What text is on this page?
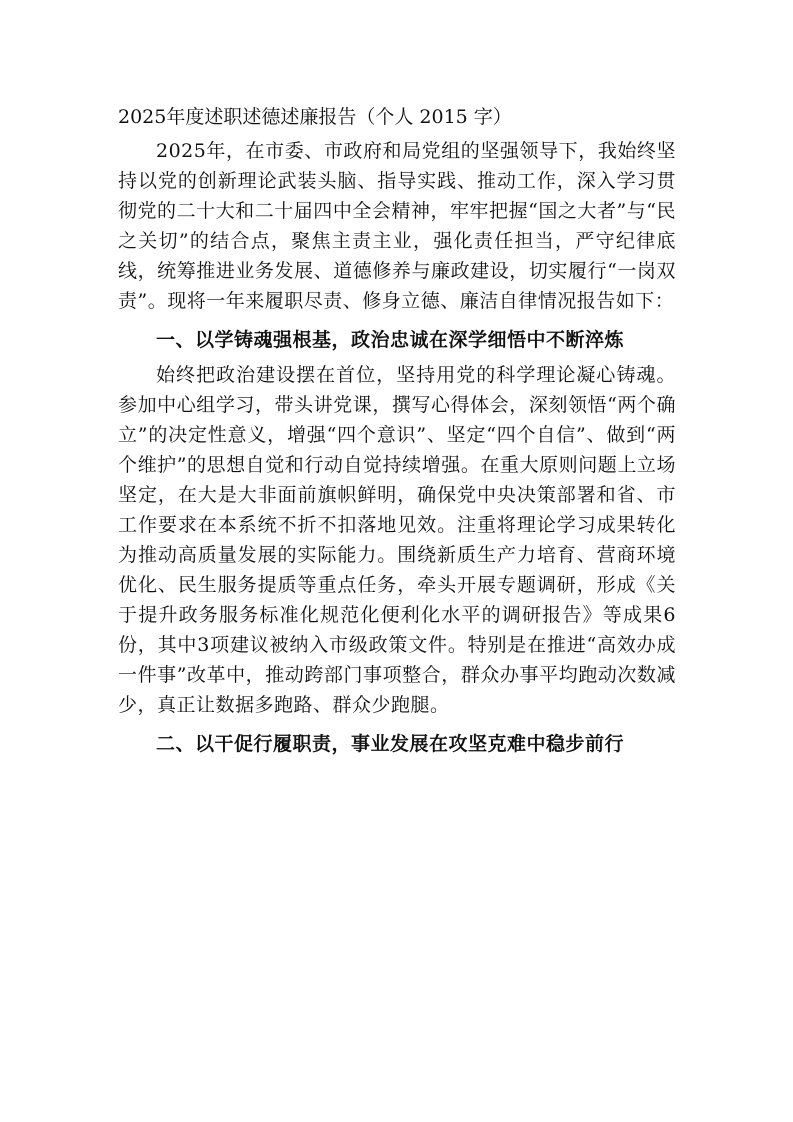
2025年度述职述德述廉报告（个人 2015 字）

2025年，在市委、市政府和局党组的坚强领导下，我始终坚持以党的创新理论武装头脑、指导实践、推动工作，深入学习贯彻党的二十大和二十届四中全会精神，牢牢把握“国之大者”与“民之关切”的结合点，聚焦主责主业，强化责任担当，严守纪律底线，统筹推进业务发展、道德修养与廉政建设，切实履行“一岗双责”。现将一年来履职尽责、修身立德、廉洁自律情况报告如下：

一、以学铸魂强根基，政治忠诚在深学细悟中不断淬炼

始终把政治建设摆在首位，坚持用党的科学理论凝心铸魂。参加中心组学习，带头讲党课，撰写心得体会，深刻领悟“两个确立”的决定性意义，增强“四个意识”、坚定“四个自信”、做到“两个维护”的思想自觉和行动自觉持续增强。在重大原则问题上立场坚定，在大是大非面前旗帜鲜明，确保党中央决策部署和省、市工作要求在本系统不折不扣落地见效。注重将理论学习成果转化为推动高质量发展的实际能力。围绕新质生产力培育、营商环境优化、民生服务提质等重点任务，牵头开展专题调研，形成《关于提升政务服务标准化规范化便利化水平的调研报告》等成果6份，其中3项建议被纳入市级政策文件。特别是在推进“高效办成一件事”改革中，推动跨部门事项整合，群众办事平均跑动次数减少，真正让数据多跑路、群众少跑腿。

二、以干促行履职责，事业发展在攻坚克难中稳步前行
